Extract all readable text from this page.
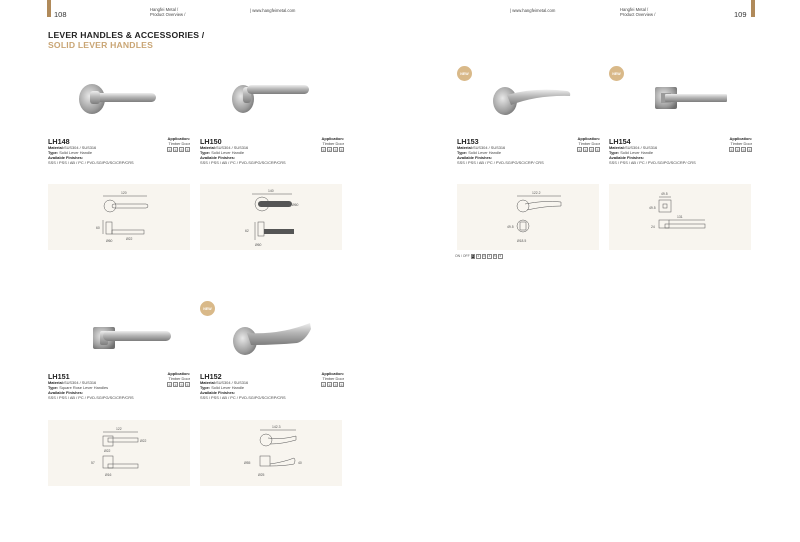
108
Hangfei Metal /
Product Overview /
| www.hangfeimetal.com	| www.hangfeimetal.com	Hangfei Metal /
Product Overview /	109
LEVER HANDLES & ACCESSORIES /
SOLID LEVER HANDLES
NEW	NEW
NEW
LH148
Material:SUS304 / SUS316
Type: Solid Lever Handle
Available Finishes:
SSS / PSS / AB / PC / PVD-SG/PG/SC/CRP/CRS
Application:
Timber Door
①	②	③	④
LH150
Material:SUS304 / SUS316
Type: Solid Lever Handle
Available Finishes:
SSS / PSS / AB / PC / PVD-SG/PG/SC/CRP/CRS
Application:
Timber Door
①	②	③	④
LH153
Material:SUS304 / SUS316
Type: Solid Lever Handle
Available Finishes:
SSS / PSS / AB / PC / PVD-SG/PG/SC/CRP/ CRS
Application:
Timber Door
①	②	③	④
LH154
Material:SUS304 / SUS316
Type: Solid Lever Handle
Available Finishes:
SSS / PSS / AB / PC / PVD-SG/PG/SC/CRP/ CRS
Application:
Timber Door
①	②	③	④
LH151
Material:SUS304 / SUS316
Type: Square Rose Lever Handles
Available Finishes:
SSS / PSS / AB / PC / PVD-SG/PG/SC/CRP/CRS
Application:
Timber Door
①	②	③	④
LH152
Material:SUS304 / SUS316
Type: Solid Lever Handle
Available Finishes:
SSS / PSS / AB / PC / PVD-SG/PG/SC/CRP/CRS
Application:
Timber Door
①	②	③	④
120
60
Ø60	Ø22
140
Ø60
62
Ø60
122.2
49.5
Ø18.5
49.5
49.5
131
24
122
Ø22
Ø22
57
Ø16
142.3
Ø55	40
Ø25
ON / OFF 1	2	3	4	5	6
